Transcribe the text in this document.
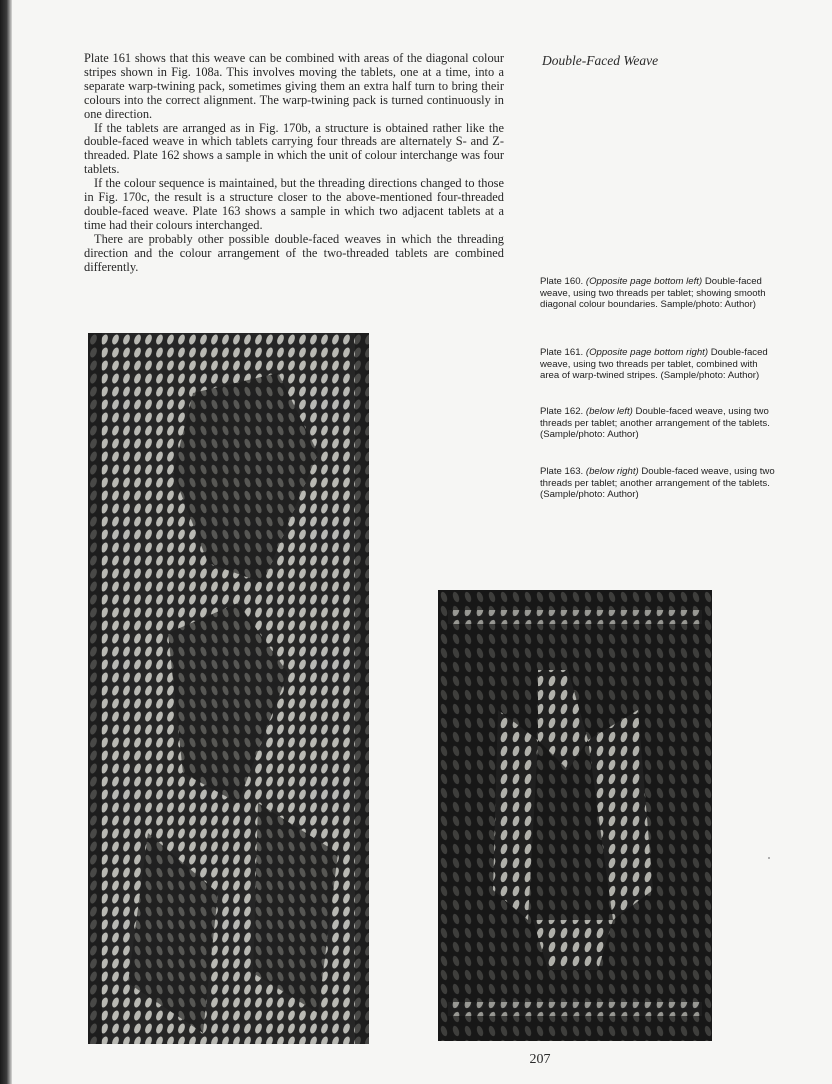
Double-Faced Weave

Plate 161 shows that this weave can be combined with areas of the diagonal colour stripes shown in Fig. 108a. This involves moving the tablets, one at a time, into a separate warp-twining pack, sometimes giving them an extra half turn to bring their colours into the correct alignment. The warp-twining pack is turned continuously in one direction.

If the tablets are arranged as in Fig. 170b, a structure is obtained rather like the double-faced weave in which tablets carrying four threads are alternately S- and Z-threaded. Plate 162 shows a sample in which the unit of colour interchange was four tablets.

If the colour sequence is maintained, but the threading directions changed to those in Fig. 170c, the result is a structure closer to the above-mentioned four-threaded double-faced weave. Plate 163 shows a sample in which two adjacent tablets at a time had their colours interchanged.

There are probably other possible double-faced weaves in which the threading direction and the colour arrangement of the two-threaded tablets are combined differently.

Plate 160. (Opposite page bottom left) Double-faced weave, using two threads per tablet; showing smooth diagonal colour boundaries. Sample/photo: Author)
Plate 161. (Opposite page bottom right) Double-faced weave, using two threads per tablet, combined with area of warp-twined stripes. (Sample/photo: Author)
Plate 162. (below left) Double-faced weave, using two threads per tablet; another arrangement of the tablets. (Sample/photo: Author)
Plate 163. (below right) Double-faced weave, using two threads per tablet; another arrangement of the tablets. (Sample/photo: Author)
207
